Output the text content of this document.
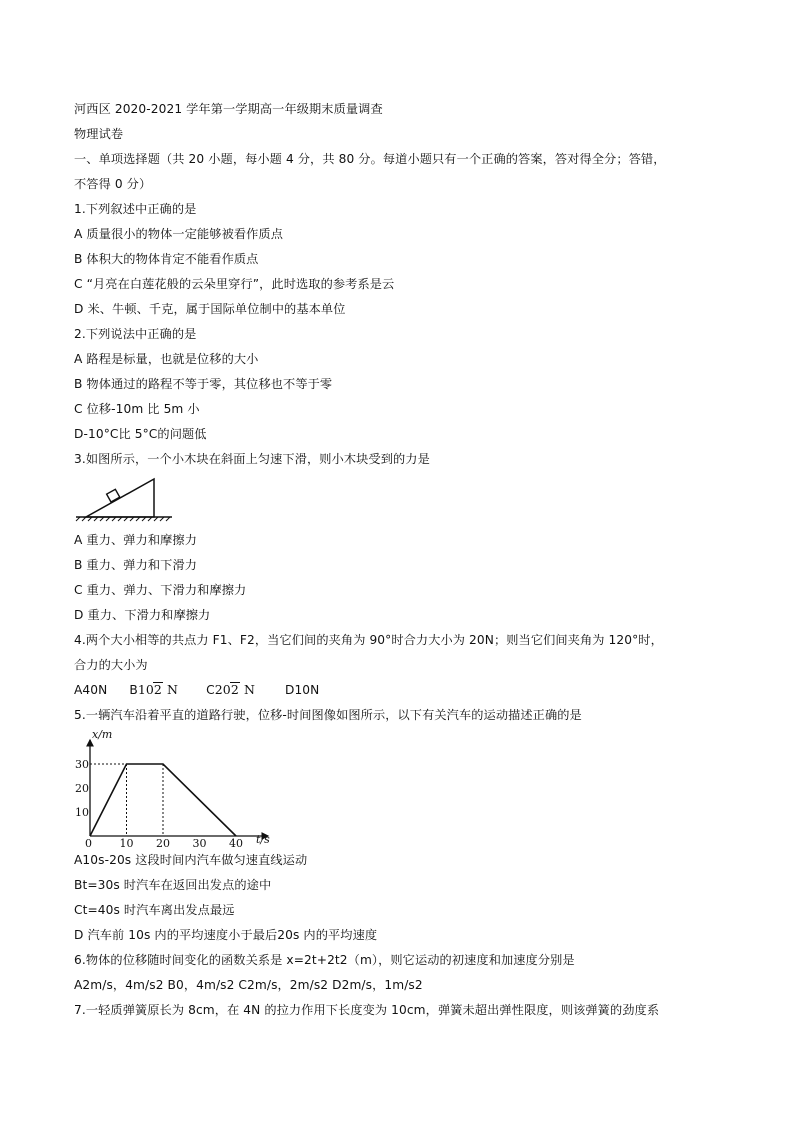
河西区 2020-2021 学年第一学期高一年级期末质量调查
物理试卷
一、单项选择题（共 20 小题，每小题 4 分，共 80 分。每道小题只有一个正确的答案，答对得全分；答错，
不答得 0 分）
1.下列叙述中正确的是
A 质量很小的物体一定能够被看作质点
B 体积大的物体肯定不能看作质点
C “月亮在白莲花般的云朵里穿行”，此时选取的参考系是云
D 米、牛顿、千克，属于国际单位制中的基本单位
2.下列说法中正确的是
A 路程是标量，也就是位移的大小
B 物体通过的路程不等于零，其位移也不等于零
C 位移-10m 比 5m 小
D-10°C比 5°C的问题低
3.如图所示，一个小木块在斜面上匀速下滑，则小木块受到的力是
A 重力、弹力和摩擦力
B 重力、弹力和下滑力
C 重力、弹力、下滑力和摩擦力
D 重力、下滑力和摩擦力
4.两个大小相等的共点力 F1、F2，当它们间的夹角为 90°时合力大小为 20N；则当它们间夹角为 120°时，
合力的大小为
A40N B102 N C202 N D10N
5.一辆汽车沿着平直的道路行驶，位移-时间图像如图所示，以下有关汽车的运动描述正确的是
x/m
t/s
0	10 20 30 40
10
20
30
A10s-20s 这段时间内汽车做匀速直线运动
Bt=30s 时汽车在返回出发点的途中
Ct=40s 时汽车离出发点最远
D 汽车前 10s 内的平均速度小于最后20s 内的平均速度
6.物体的位移随时间变化的函数关系是 x=2t+2t2（m），则它运动的初速度和加速度分别是
A2m/s，4m/s2 B0，4m/s2 C2m/s，2m/s2 D2m/s，1m/s2
7.一轻质弹簧原长为 8cm，在 4N 的拉力作用下长度变为 10cm，弹簧未超出弹性限度，则该弹簧的劲度系
